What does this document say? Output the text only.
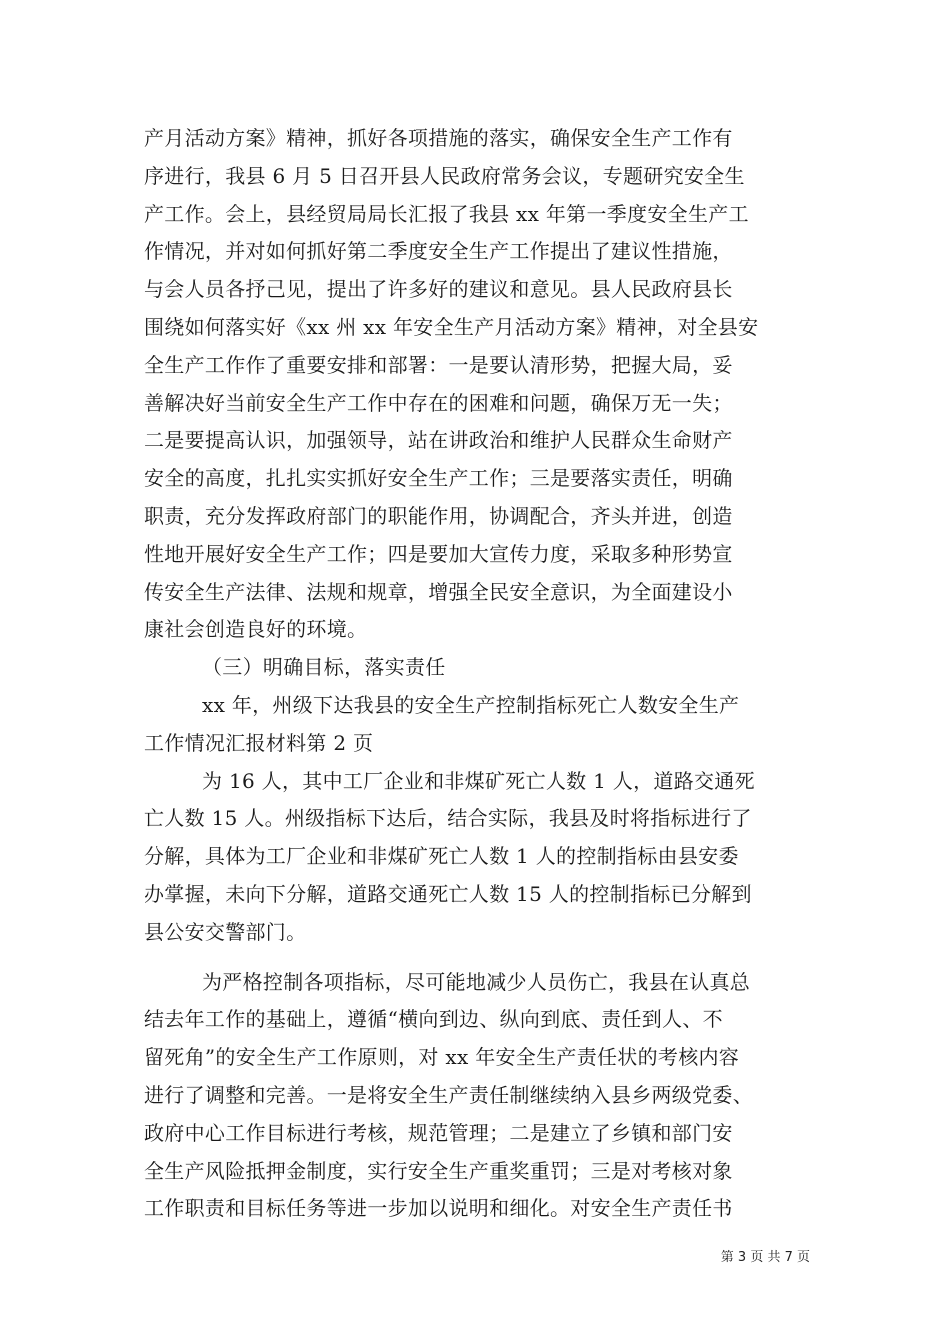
产月活动方案》精神，抓好各项措施的落实，确保安全生产工作有
序进行，我县 6 月 5 日召开县人民政府常务会议，专题研究安全生
产工作。会上，县经贸局局长汇报了我县 xx 年第一季度安全生产工
作情况，并对如何抓好第二季度安全生产工作提出了建议性措施，
与会人员各抒己见，提出了许多好的建议和意见。县人民政府县长
围绕如何落实好《xx 州 xx 年安全生产月活动方案》精神，对全县安
全生产工作作了重要安排和部署：一是要认清形势，把握大局，妥
善解决好当前安全生产工作中存在的困难和问题，确保万无一失；
二是要提高认识，加强领导，站在讲政治和维护人民群众生命财产
安全的高度，扎扎实实抓好安全生产工作；三是要落实责任，明确
职责，充分发挥政府部门的职能作用，协调配合，齐头并进，创造
性地开展好安全生产工作；四是要加大宣传力度，采取多种形势宣
传安全生产法律、法规和规章，增强全民安全意识，为全面建设小
康社会创造良好的环境。
（三）明确目标，落实责任
xx 年，州级下达我县的安全生产控制指标死亡人数安全生产
工作情况汇报材料第 2 页
为 16 人，其中工厂企业和非煤矿死亡人数 1 人，道路交通死
亡人数 15 人。州级指标下达后，结合实际，我县及时将指标进行了
分解，具体为工厂企业和非煤矿死亡人数 1 人的控制指标由县安委
办掌握，未向下分解，道路交通死亡人数 15 人的控制指标已分解到
县公安交警部门。
为严格控制各项指标，尽可能地减少人员伤亡，我县在认真总
结去年工作的基础上，遵循“横向到边、纵向到底、责任到人、不
留死角”的安全生产工作原则，对 xx 年安全生产责任状的考核内容
进行了调整和完善。一是将安全生产责任制继续纳入县乡两级党委、
政府中心工作目标进行考核，规范管理；二是建立了乡镇和部门安
全生产风险抵押金制度，实行安全生产重奖重罚；三是对考核对象
工作职责和目标任务等进一步加以说明和细化。对安全生产责任书
第 3 页 共 7 页
